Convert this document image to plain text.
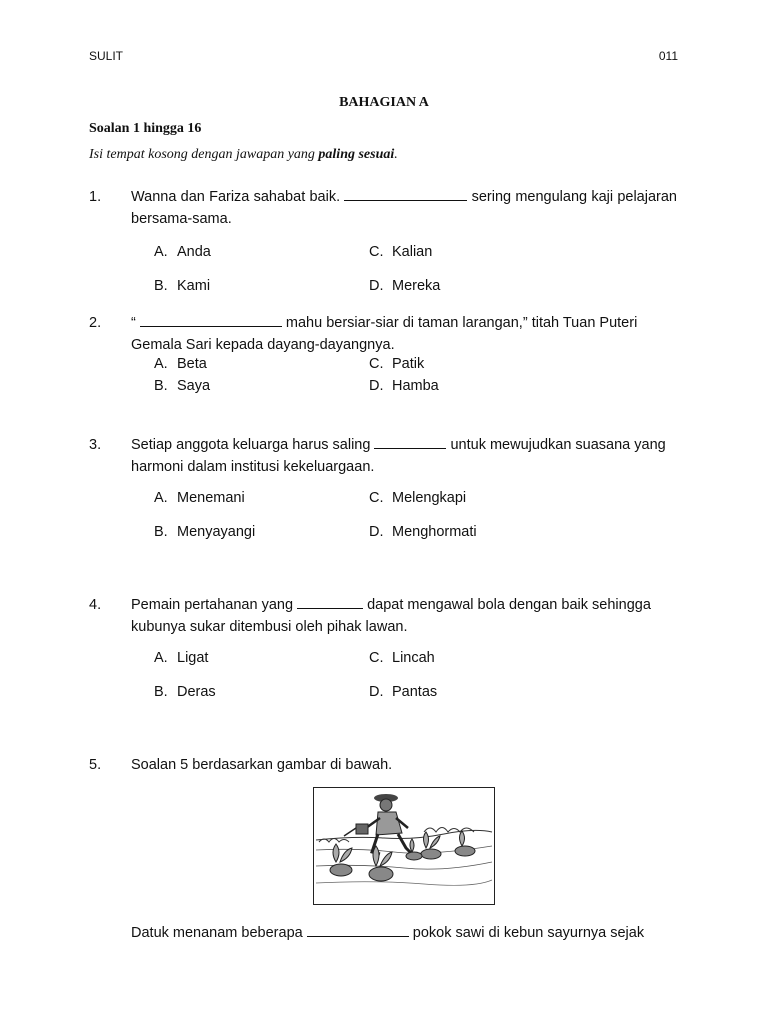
SULIT	011
BAHAGIAN A
Soalan 1 hingga 16
Isi tempat kosong dengan jawapan yang paling sesuai.
1. Wanna dan Fariza sahabat baik.	sering mengulang kaji pelajaran bersama-sama.
A. Anda	C. Kalian
B. Kami	D. Mereka
2. “	mahu bersiar-siar di taman larangan,” titah Tuan Puteri Gemala Sari kepada dayang-dayangnya.
A. Beta	C. Patik
B. Saya	D. Hamba
3. Setiap anggota keluarga harus saling	untuk mewujudkan suasana yang harmoni dalam institusi kekeluargaan.
A. Menemani	C. Melengkapi
B. Menyayangi	D. Menghormati
4. Pemain pertahanan yang	dapat mengawal bola dengan baik sehingga kubunya sukar ditembusi oleh pihak lawan.
A. Ligat	C. Lincah
B. Deras	D. Pantas
5. Soalan 5 berdasarkan gambar di bawah.
Datuk menanam beberapa	pokok sawi di kebun sayurnya sejak
